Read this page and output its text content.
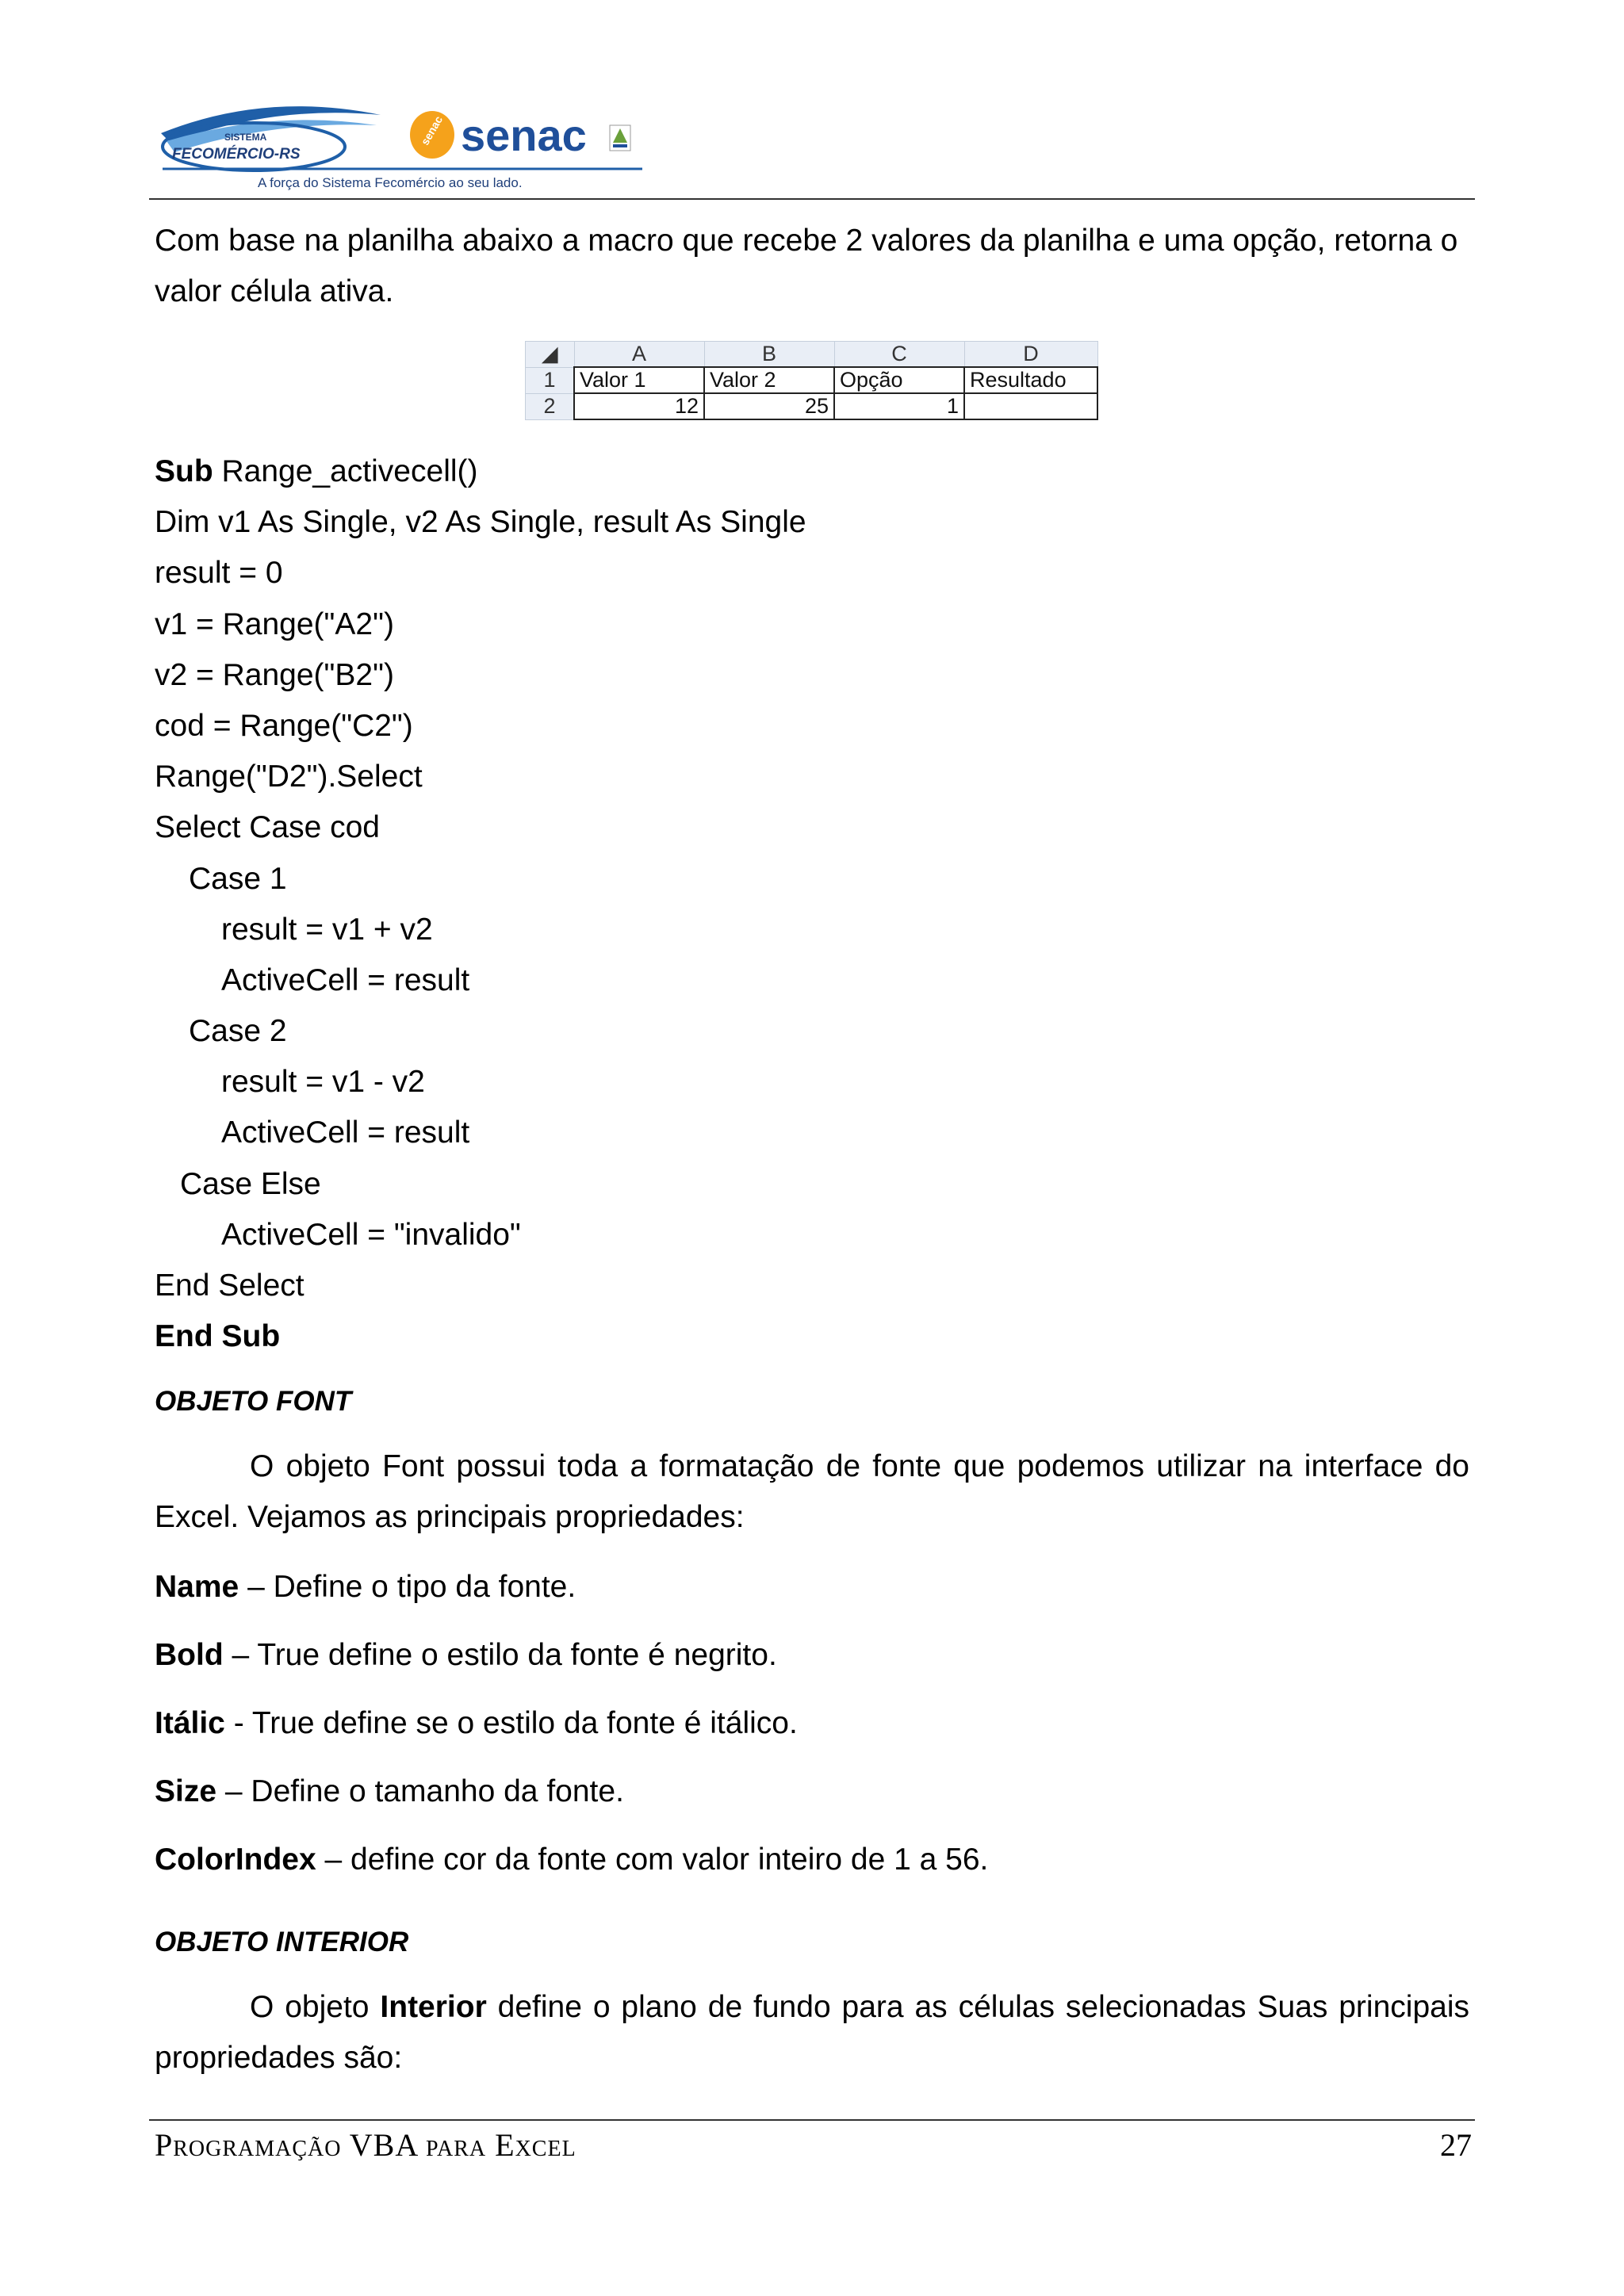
SISTEMA
FECOMÉRCIO-RS
senac senac
A força do Sistema Fecomércio ao seu lado.

Com base na planilha abaixo a macro que recebe 2 valores da planilha e uma opção, retorna o valor célula ativa.

◢	A	B	C	D
1	Valor 1	Valor 2	Opção	Resultado
2	12	25	1	
Sub Range_activecell()
Dim v1 As Single, v2 As Single, result As Single
result = 0
v1 = Range("A2")
v2 = Range("B2")
cod = Range("C2")
Range("D2").Select
Select Case cod
Case 1
result = v1 + v2
ActiveCell = result
Case 2
result = v1 - v2
ActiveCell = result
Case Else
ActiveCell = "invalido"
End Select
End Sub

OBJETO FONT

O objeto Font possui toda a formatação de fonte que podemos utilizar na interface do Excel. Vejamos as principais propriedades:

Name – Define o tipo da fonte.

Bold – True define o estilo da fonte é negrito.

Itálic - True define se o estilo da fonte é itálico.

Size – Define o tamanho da fonte.

ColorIndex – define cor da fonte com valor inteiro de 1 a 56.

OBJETO INTERIOR

O objeto Interior define o plano de fundo para as células selecionadas Suas principais propriedades são:

Programação VBA para Excel	27
